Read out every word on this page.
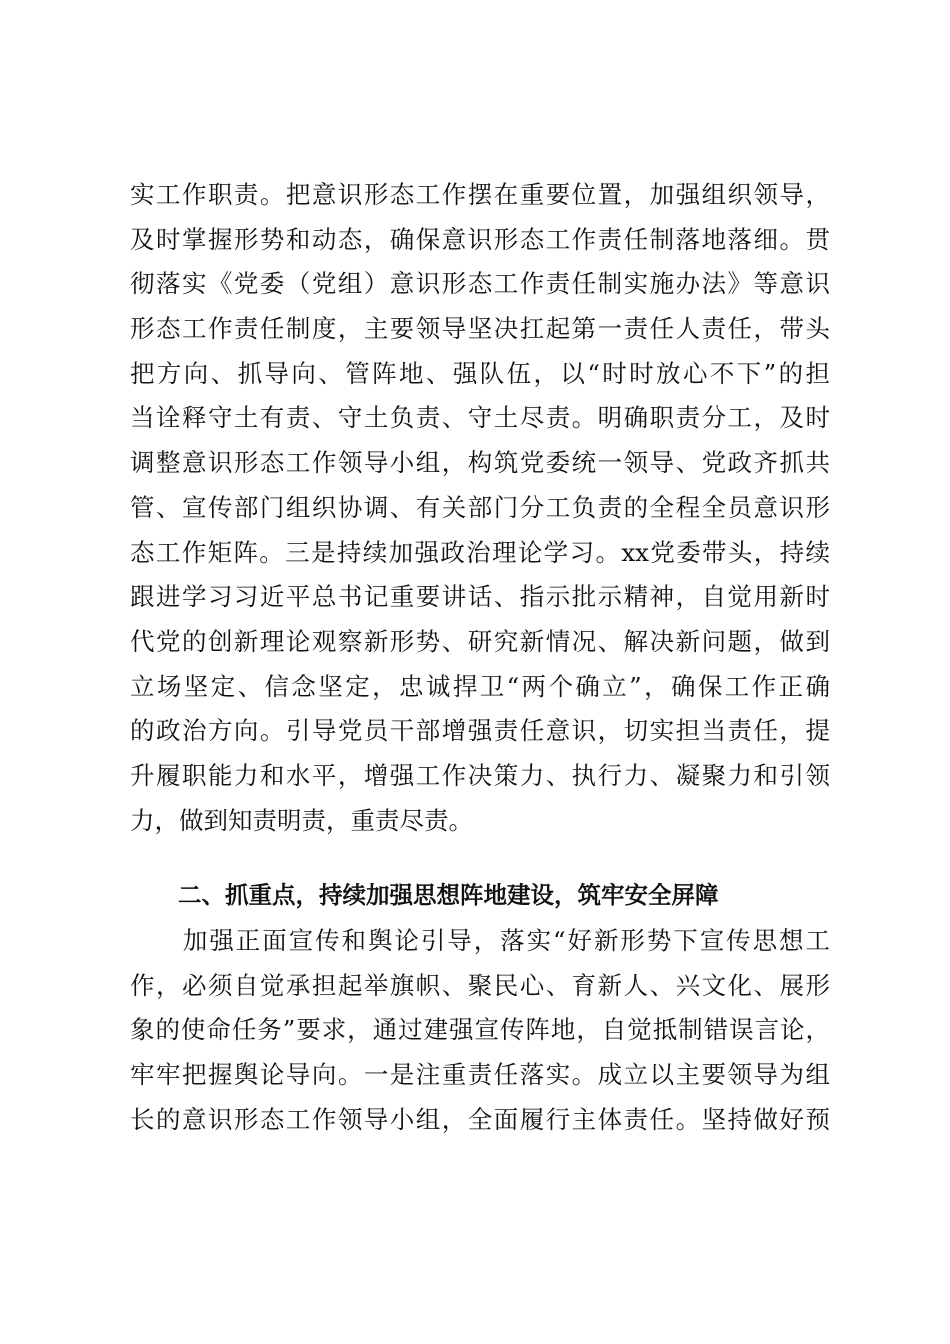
实工作职责。把意识形态工作摆在重要位置，加强组织领导，
及时掌握形势和动态，确保意识形态工作责任制落地落细。贯
彻落实《党委（党组）意识形态工作责任制实施办法》等意识
形态工作责任制度，主要领导坚决扛起第一责任人责任，带头
把方向、抓导向、管阵地、强队伍，以“时时放心不下”的担
当诠释守土有责、守土负责、守土尽责。明确职责分工，及时
调整意识形态工作领导小组，构筑党委统一领导、党政齐抓共
管、宣传部门组织协调、有关部门分工负责的全程全员意识形
态工作矩阵。三是持续加强政治理论学习。xx党委带头，持续
跟进学习习近平总书记重要讲话、指示批示精神，自觉用新时
代党的创新理论观察新形势、研究新情况、解决新问题，做到
立场坚定、信念坚定，忠诚捍卫“两个确立”，确保工作正确
的政治方向。引导党员干部增强责任意识，切实担当责任，提
升履职能力和水平，增强工作决策力、执行力、凝聚力和引领
力，做到知责明责，重责尽责。
二、抓重点，持续加强思想阵地建设，筑牢安全屏障
　　加强正面宣传和舆论引导，落实“好新形势下宣传思想工
作，必须自觉承担起举旗帜、聚民心、育新人、兴文化、展形
象的使命任务”要求，通过建强宣传阵地，自觉抵制错误言论，
牢牢把握舆论导向。一是注重责任落实。成立以主要领导为组
长的意识形态工作领导小组，全面履行主体责任。坚持做好预
